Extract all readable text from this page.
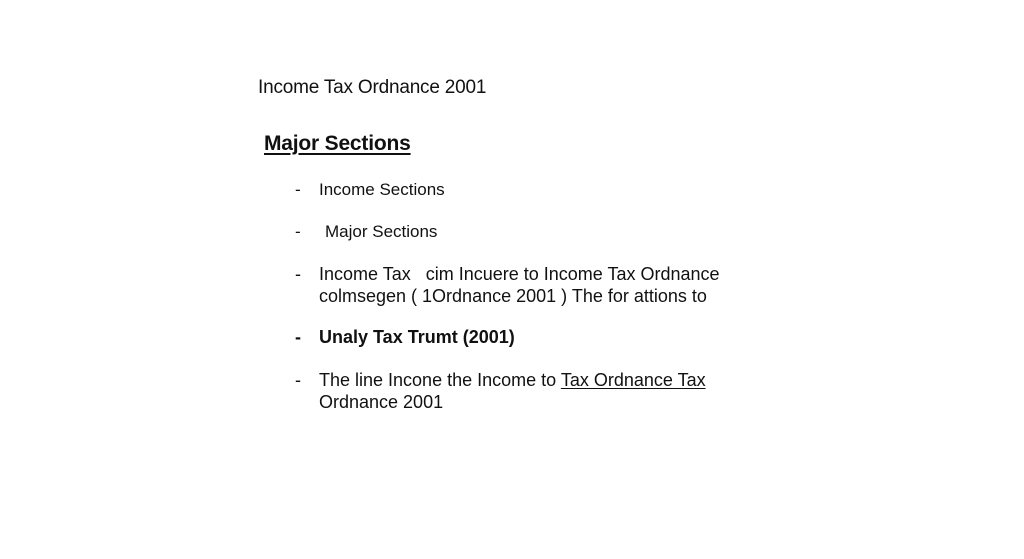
Income Tax Ordnance 2001
Major Sections
-	Income Sections
-	Major Sections
-	Income Tax   cim Incuere to Income Tax Ordnance
colmsegen ( 1Ordnance 2001 ) The for attions to
-	Unaly Tax Trumt (2001)
-	The line Incone the Income to Tax Ordnance Tax
Ordnance 2001
